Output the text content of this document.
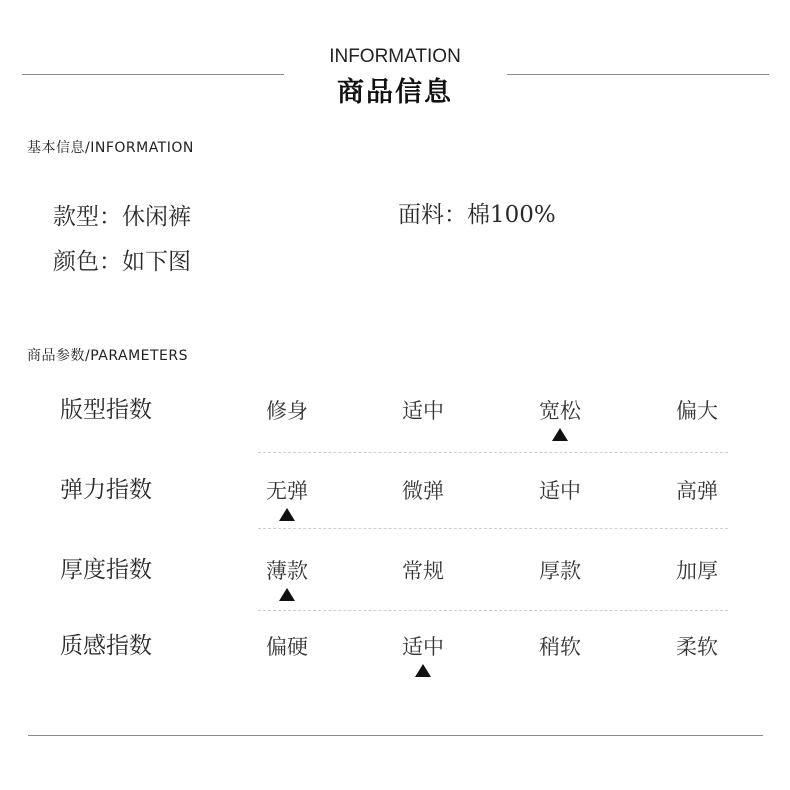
INFORMATION
商品信息
基本信息/INFORMATION
款型：休闲裤	面料：棉100%
颜色：如下图
商品参数/PARAMETERS
版型指数	修身	适中	宽松	偏大
弹力指数	无弹	微弹	适中	高弹
厚度指数	薄款	常规	厚款	加厚
质感指数	偏硬	适中	稍软	柔软
